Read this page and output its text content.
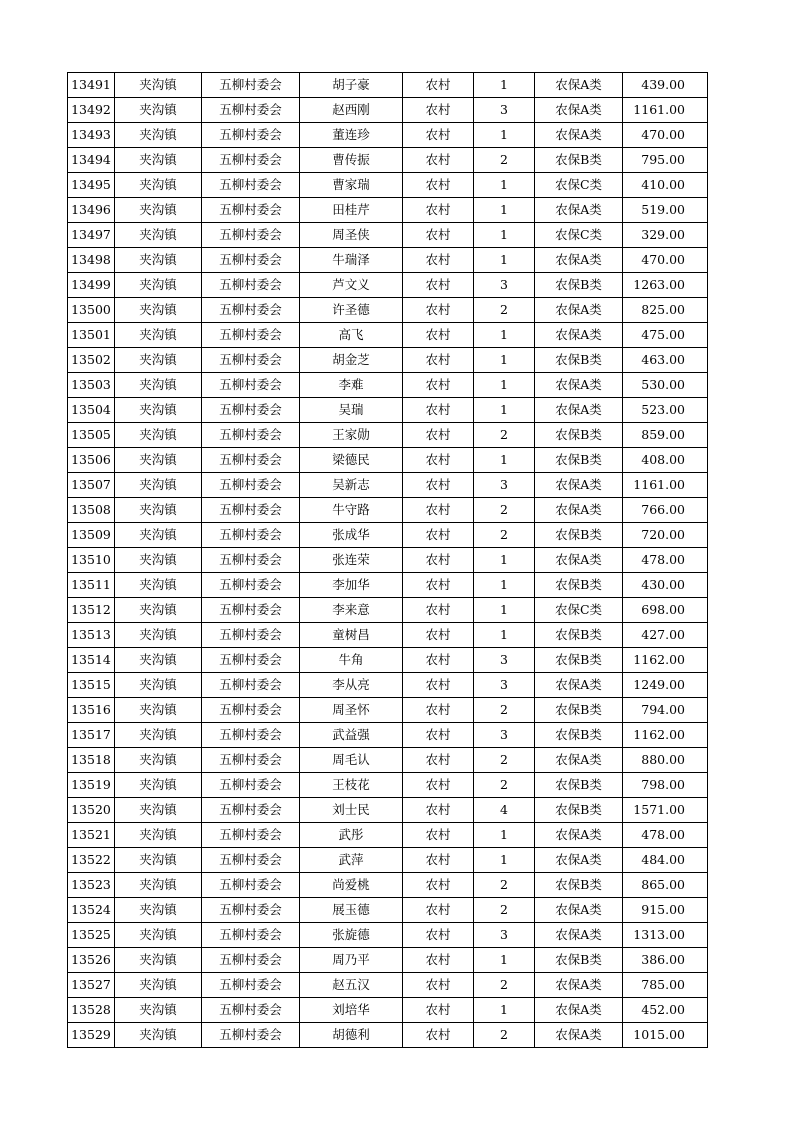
13491	夹沟镇	五柳村委会	胡子豪	农村	1	农保A类	439.00
13492	夹沟镇	五柳村委会	赵西刚	农村	3	农保A类	1161.00
13493	夹沟镇	五柳村委会	董连珍	农村	1	农保A类	470.00
13494	夹沟镇	五柳村委会	曹传振	农村	2	农保B类	795.00
13495	夹沟镇	五柳村委会	曹家瑞	农村	1	农保C类	410.00
13496	夹沟镇	五柳村委会	田桂芹	农村	1	农保A类	519.00
13497	夹沟镇	五柳村委会	周圣侠	农村	1	农保C类	329.00
13498	夹沟镇	五柳村委会	牛瑞泽	农村	1	农保A类	470.00
13499	夹沟镇	五柳村委会	芦文义	农村	3	农保B类	1263.00
13500	夹沟镇	五柳村委会	许圣德	农村	2	农保A类	825.00
13501	夹沟镇	五柳村委会	高飞	农村	1	农保A类	475.00
13502	夹沟镇	五柳村委会	胡金芝	农村	1	农保B类	463.00
13503	夹沟镇	五柳村委会	李难	农村	1	农保A类	530.00
13504	夹沟镇	五柳村委会	吴瑞	农村	1	农保A类	523.00
13505	夹沟镇	五柳村委会	王家勋	农村	2	农保B类	859.00
13506	夹沟镇	五柳村委会	梁德民	农村	1	农保B类	408.00
13507	夹沟镇	五柳村委会	吴新志	农村	3	农保A类	1161.00
13508	夹沟镇	五柳村委会	牛守路	农村	2	农保A类	766.00
13509	夹沟镇	五柳村委会	张成华	农村	2	农保B类	720.00
13510	夹沟镇	五柳村委会	张连荣	农村	1	农保A类	478.00
13511	夹沟镇	五柳村委会	李加华	农村	1	农保B类	430.00
13512	夹沟镇	五柳村委会	李来意	农村	1	农保C类	698.00
13513	夹沟镇	五柳村委会	童树昌	农村	1	农保B类	427.00
13514	夹沟镇	五柳村委会	牛角	农村	3	农保B类	1162.00
13515	夹沟镇	五柳村委会	李从亮	农村	3	农保A类	1249.00
13516	夹沟镇	五柳村委会	周圣怀	农村	2	农保B类	794.00
13517	夹沟镇	五柳村委会	武益强	农村	3	农保B类	1162.00
13518	夹沟镇	五柳村委会	周毛认	农村	2	农保A类	880.00
13519	夹沟镇	五柳村委会	王枝花	农村	2	农保B类	798.00
13520	夹沟镇	五柳村委会	刘士民	农村	4	农保B类	1571.00
13521	夹沟镇	五柳村委会	武彤	农村	1	农保A类	478.00
13522	夹沟镇	五柳村委会	武萍	农村	1	农保A类	484.00
13523	夹沟镇	五柳村委会	尚爱桃	农村	2	农保B类	865.00
13524	夹沟镇	五柳村委会	展玉德	农村	2	农保A类	915.00
13525	夹沟镇	五柳村委会	张旋德	农村	3	农保A类	1313.00
13526	夹沟镇	五柳村委会	周乃平	农村	1	农保B类	386.00
13527	夹沟镇	五柳村委会	赵五汉	农村	2	农保A类	785.00
13528	夹沟镇	五柳村委会	刘培华	农村	1	农保A类	452.00
13529	夹沟镇	五柳村委会	胡德利	农村	2	农保A类	1015.00
